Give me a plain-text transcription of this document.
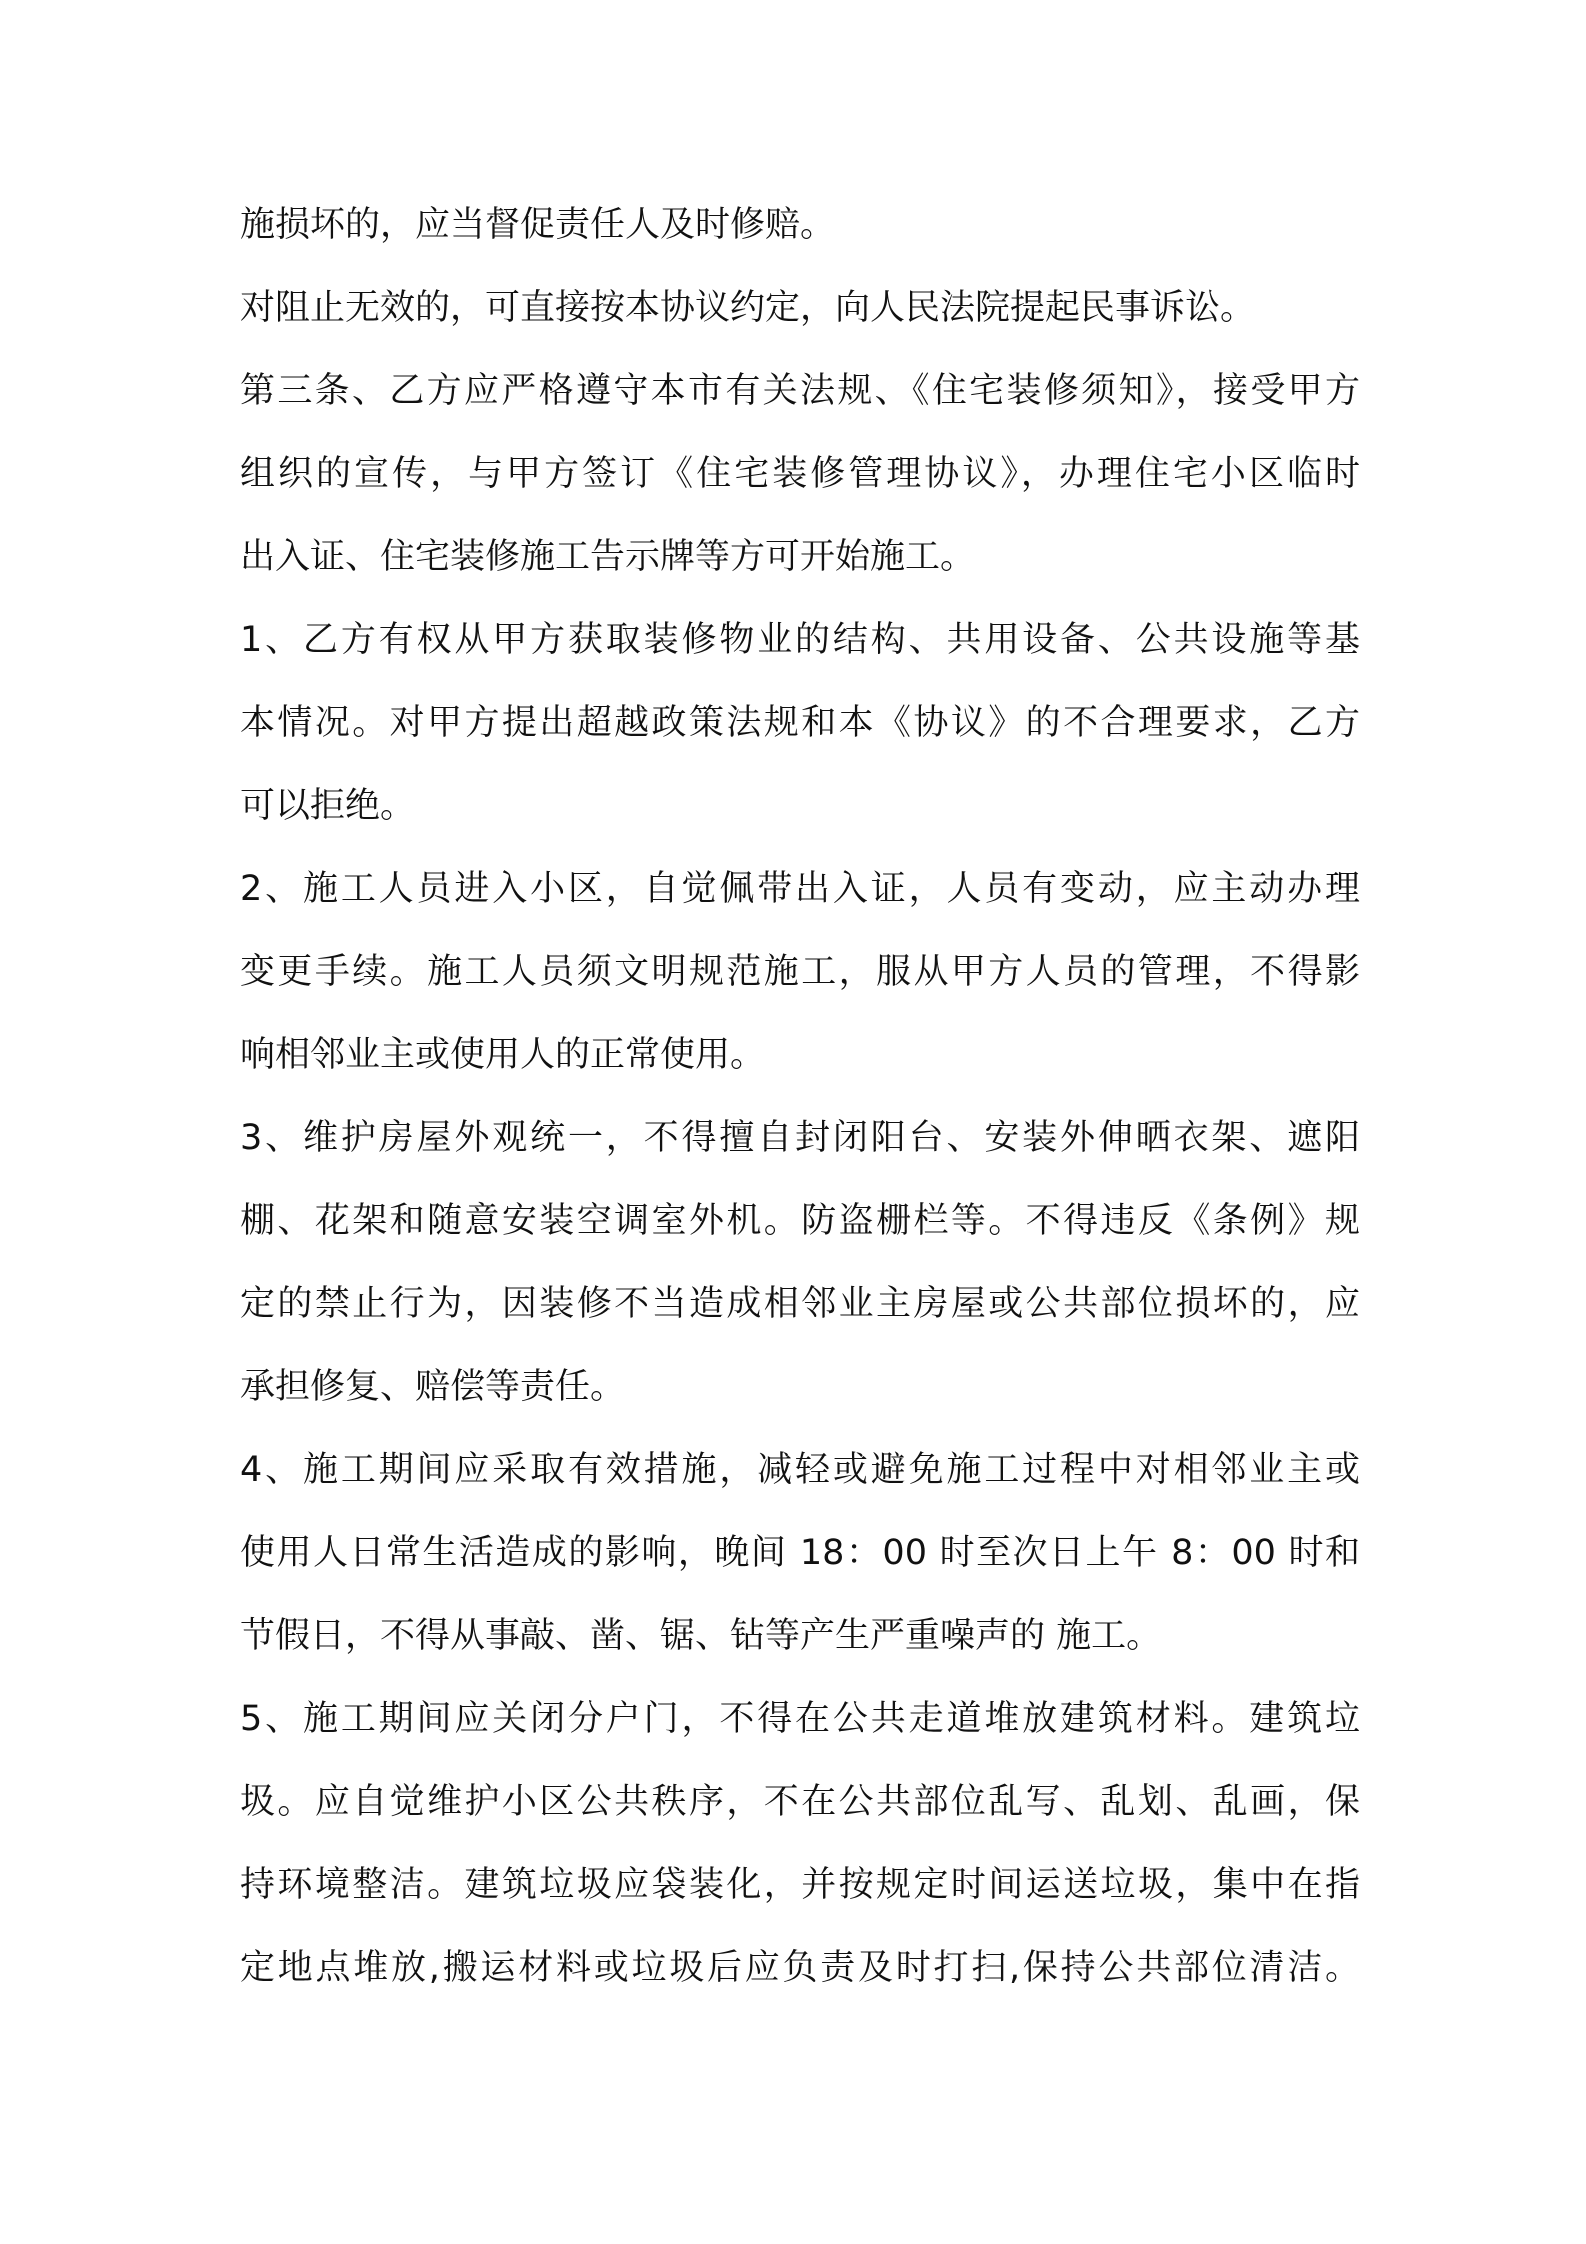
施损坏的，应当督促责任人及时修赔。
对阻止无效的，可直接按本协议约定，向人民法院提起民事诉讼。
第三条、乙方应严格遵守本市有关法规、《住宅装修须知》，接受甲方
组织的宣传，与甲方签订《住宅装修管理协议》，办理住宅小区临时
出入证、住宅装修施工告示牌等方可开始施工。
1、乙方有权从甲方获取装修物业的结构、共用设备、公共设施等基
本情况。对甲方提出超越政策法规和本《协议》的不合理要求，乙方
可以拒绝。
2、施工人员进入小区，自觉佩带出入证，人员有变动，应主动办理
变更手续。施工人员须文明规范施工，服从甲方人员的管理，不得影
响相邻业主或使用人的正常使用。
3、维护房屋外观统一，不得擅自封闭阳台、安装外伸晒衣架、遮阳
棚、花架和随意安装空调室外机。防盗栅栏等。不得违反《条例》规
定的禁止行为，因装修不当造成相邻业主房屋或公共部位损坏的，应
承担修复、赔偿等责任。
4、施工期间应采取有效措施，减轻或避免施工过程中对相邻业主或
使用人日常生活造成的影响，晚间 18：00 时至次日上午 8：00 时和
节假日，不得从事敲、凿、锯、钻等产生严重噪声的 施工。
5、施工期间应关闭分户门，不得在公共走道堆放建筑材料。建筑垃
圾。应自觉维护小区公共秩序，不在公共部位乱写、乱划、乱画，保
持环境整洁。建筑垃圾应袋装化，并按规定时间运送垃圾，集中在指
定地点堆放,搬运材料或垃圾后应负责及时打扫,保持公共部位清洁。
